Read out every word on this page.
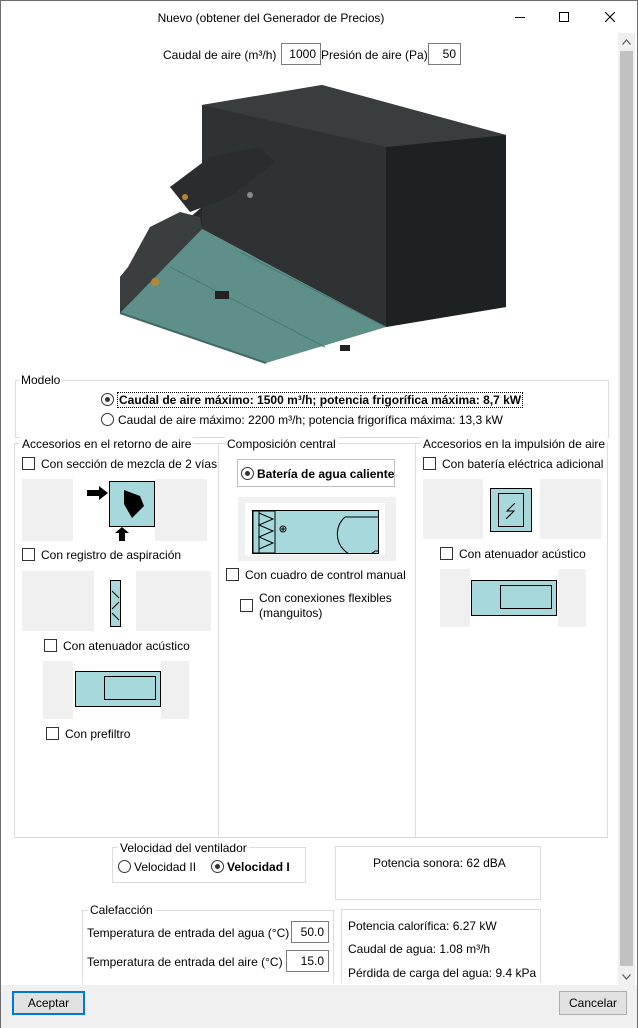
Nuevo (obtener del Generador de Precios)
Caudal de aire (m³/h)
1000	Presión de aire (Pa)
50
Modelo
Caudal de aire máximo: 1500 m³/h; potencia frigorífica máxima: 8,7 kW
Caudal de aire máximo: 2200 m³/h; potencia frigorífica máxima: 13,3 kW
Accesorios en el retorno de aire
Con sección de mezcla de 2 vías
Con registro de aspiración
Con atenuador acústico
Con prefiltro
Composición central
Batería de agua caliente
Con cuadro de control manual
Con conexiones flexibles
(manguitos)
Accesorios en la impulsión de aire
Con batería eléctrica adicional
Con atenuador acústico
Velocidad del ventilador
Velocidad II	Velocidad I	Potencia sonora: 62 dBA
Calefacción
Temperatura de entrada del agua (°C)
50.0
Temperatura de entrada del aire (°C)
15.0
Potencia calorífica: 6.27 kW
Caudal de agua: 1.08 m³/h
Pérdida de carga del agua: 9.4 kPa
Aceptar	Cancelar
